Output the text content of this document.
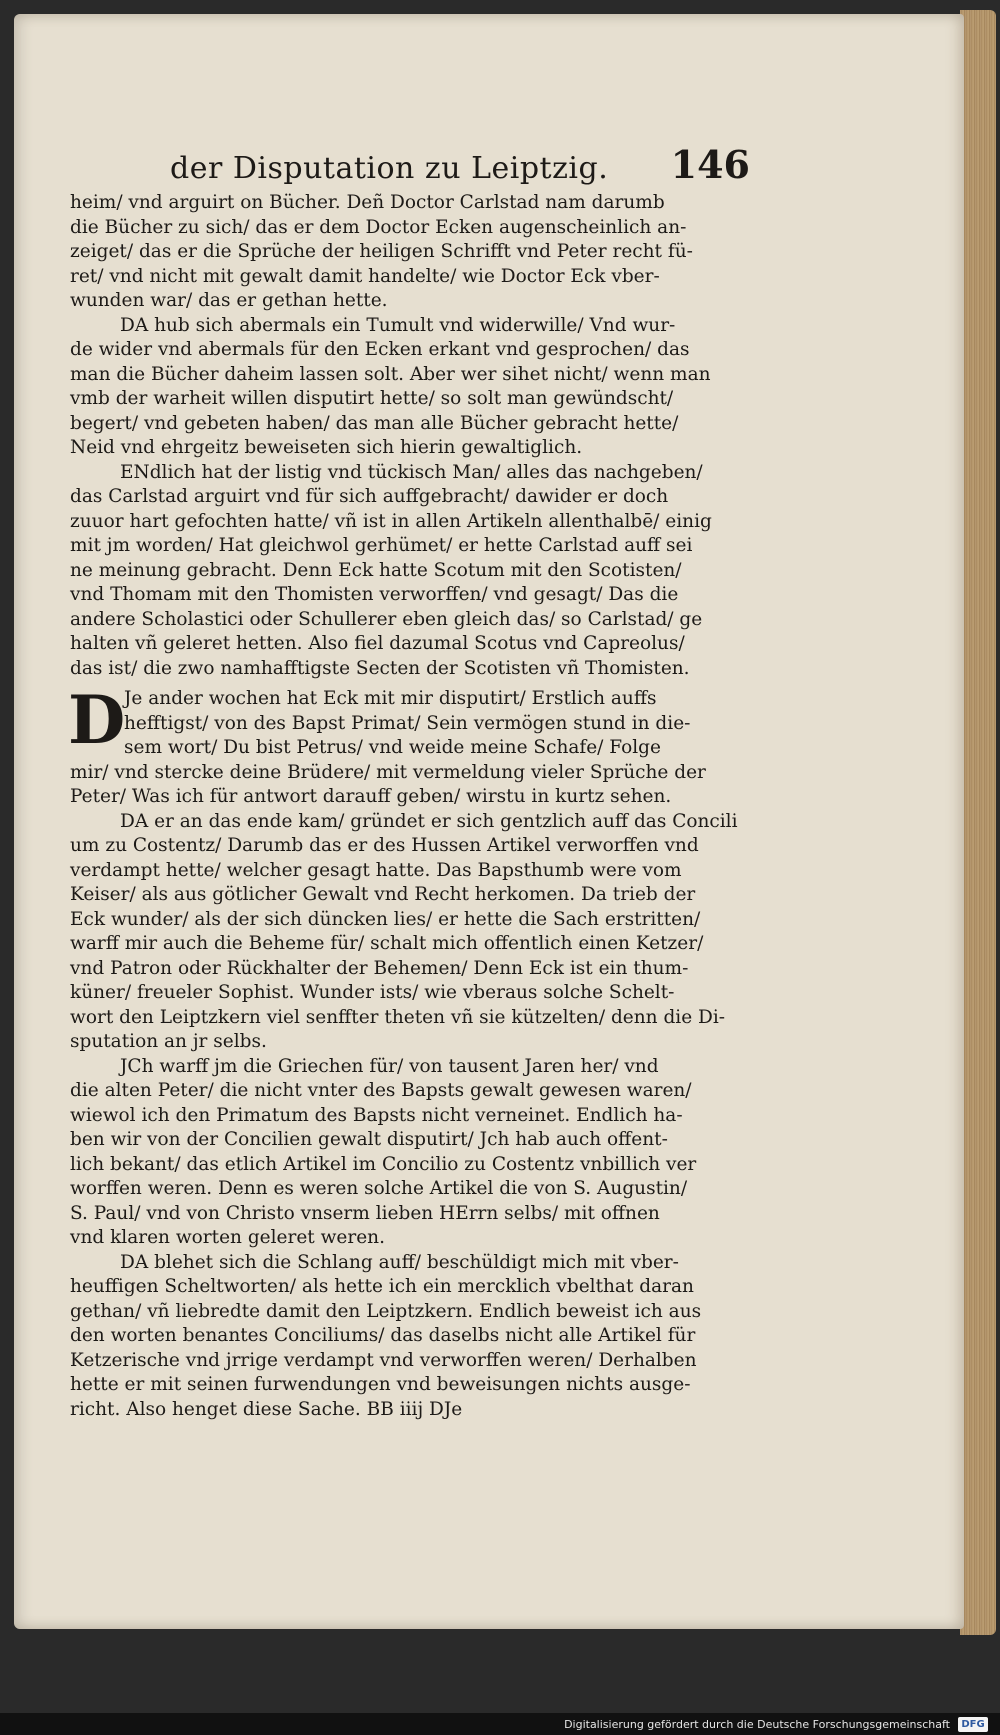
der Disputation zu Leiptzig. 146
heim/ vnd arguirt on Bücher. Deñ Doctor Carlstad nam darumb
die Bücher zu sich/ das er dem Doctor Ecken augenscheinlich an-
zeiget/ das er die Sprüche der heiligen Schrifft vnd Peter recht fü-
ret/ vnd nicht mit gewalt damit handelte/ wie Doctor Eck vber-
wunden war/ das er gethan hette.
DA hub sich abermals ein Tumult vnd widerwille/ Vnd wur-
de wider vnd abermals für den Ecken erkant vnd gesprochen/ das
man die Bücher daheim lassen solt. Aber wer sihet nicht/ wenn man
vmb der warheit willen disputirt hette/ so solt man gewündscht/
begert/ vnd gebeten haben/ das man alle Bücher gebracht hette/
Neid vnd ehrgeitz beweiseten sich hierin gewaltiglich.
ENdlich hat der listig vnd tückisch Man/ alles das nachgeben/
das Carlstad arguirt vnd für sich auffgebracht/ dawider er doch
zuuor hart gefochten hatte/ vñ ist in allen Artikeln allenthalbē/ einig
mit jm worden/ Hat gleichwol gerhümet/ er hette Carlstad auff sei
ne meinung gebracht. Denn Eck hatte Scotum mit den Scotisten/
vnd Thomam mit den Thomisten verworffen/ vnd gesagt/ Das die
andere Scholastici oder Schullerer eben gleich das/ so Carlstad/ ge
halten vñ geleret hetten. Also fiel dazumal Scotus vnd Capreolus/
das ist/ die zwo namhafftigste Secten der Scotisten vñ Thomisten.
D
Je ander wochen hat Eck mit mir disputirt/ Erstlich auffs
hefftigst/ von des Bapst Primat/ Sein vermögen stund in die-
sem wort/ Du bist Petrus/ vnd weide meine Schafe/ Folge
mir/ vnd stercke deine Brüdere/ mit vermeldung vieler Sprüche der
Peter/ Was ich für antwort darauff geben/ wirstu in kurtz sehen.
DA er an das ende kam/ gründet er sich gentzlich auff das Concili
um zu Costentz/ Darumb das er des Hussen Artikel verworffen vnd
verdampt hette/ welcher gesagt hatte. Das Bapsthumb were vom
Keiser/ als aus götlicher Gewalt vnd Recht herkomen. Da trieb der
Eck wunder/ als der sich düncken lies/ er hette die Sach erstritten/
warff mir auch die Beheme für/ schalt mich offentlich einen Ketzer/
vnd Patron oder Rückhalter der Behemen/ Denn Eck ist ein thum-
küner/ freueler Sophist. Wunder ists/ wie vberaus solche Schelt-
wort den Leiptzkern viel senffter theten vñ sie kützelten/ denn die Di-
sputation an jr selbs.
JCh warff jm die Griechen für/ von tausent Jaren her/ vnd
die alten Peter/ die nicht vnter des Bapsts gewalt gewesen waren/
wiewol ich den Primatum des Bapsts nicht verneinet. Endlich ha-
ben wir von der Concilien gewalt disputirt/ Jch hab auch offent-
lich bekant/ das etlich Artikel im Concilio zu Costentz vnbillich ver
worffen weren. Denn es weren solche Artikel die von S. Augustin/
S. Paul/ vnd von Christo vnserm lieben HErrn selbs/ mit offnen
vnd klaren worten geleret weren.
DA blehet sich die Schlang auff/ beschüldigt mich mit vber-
heuffigen Scheltworten/ als hette ich ein mercklich vbelthat daran
gethan/ vñ liebredte damit den Leiptzkern. Endlich beweist ich aus
den worten benantes Conciliums/ das daselbs nicht alle Artikel für
Ketzerische vnd jrrige verdampt vnd verworffen weren/ Derhalben
hette er mit seinen furwendungen vnd beweisungen nichts ausge-
richt. Also henget diese Sache. BB iiij DJe
Digitalisierung gefördert durch die Deutsche Forschungsgemeinschaft	DFG
